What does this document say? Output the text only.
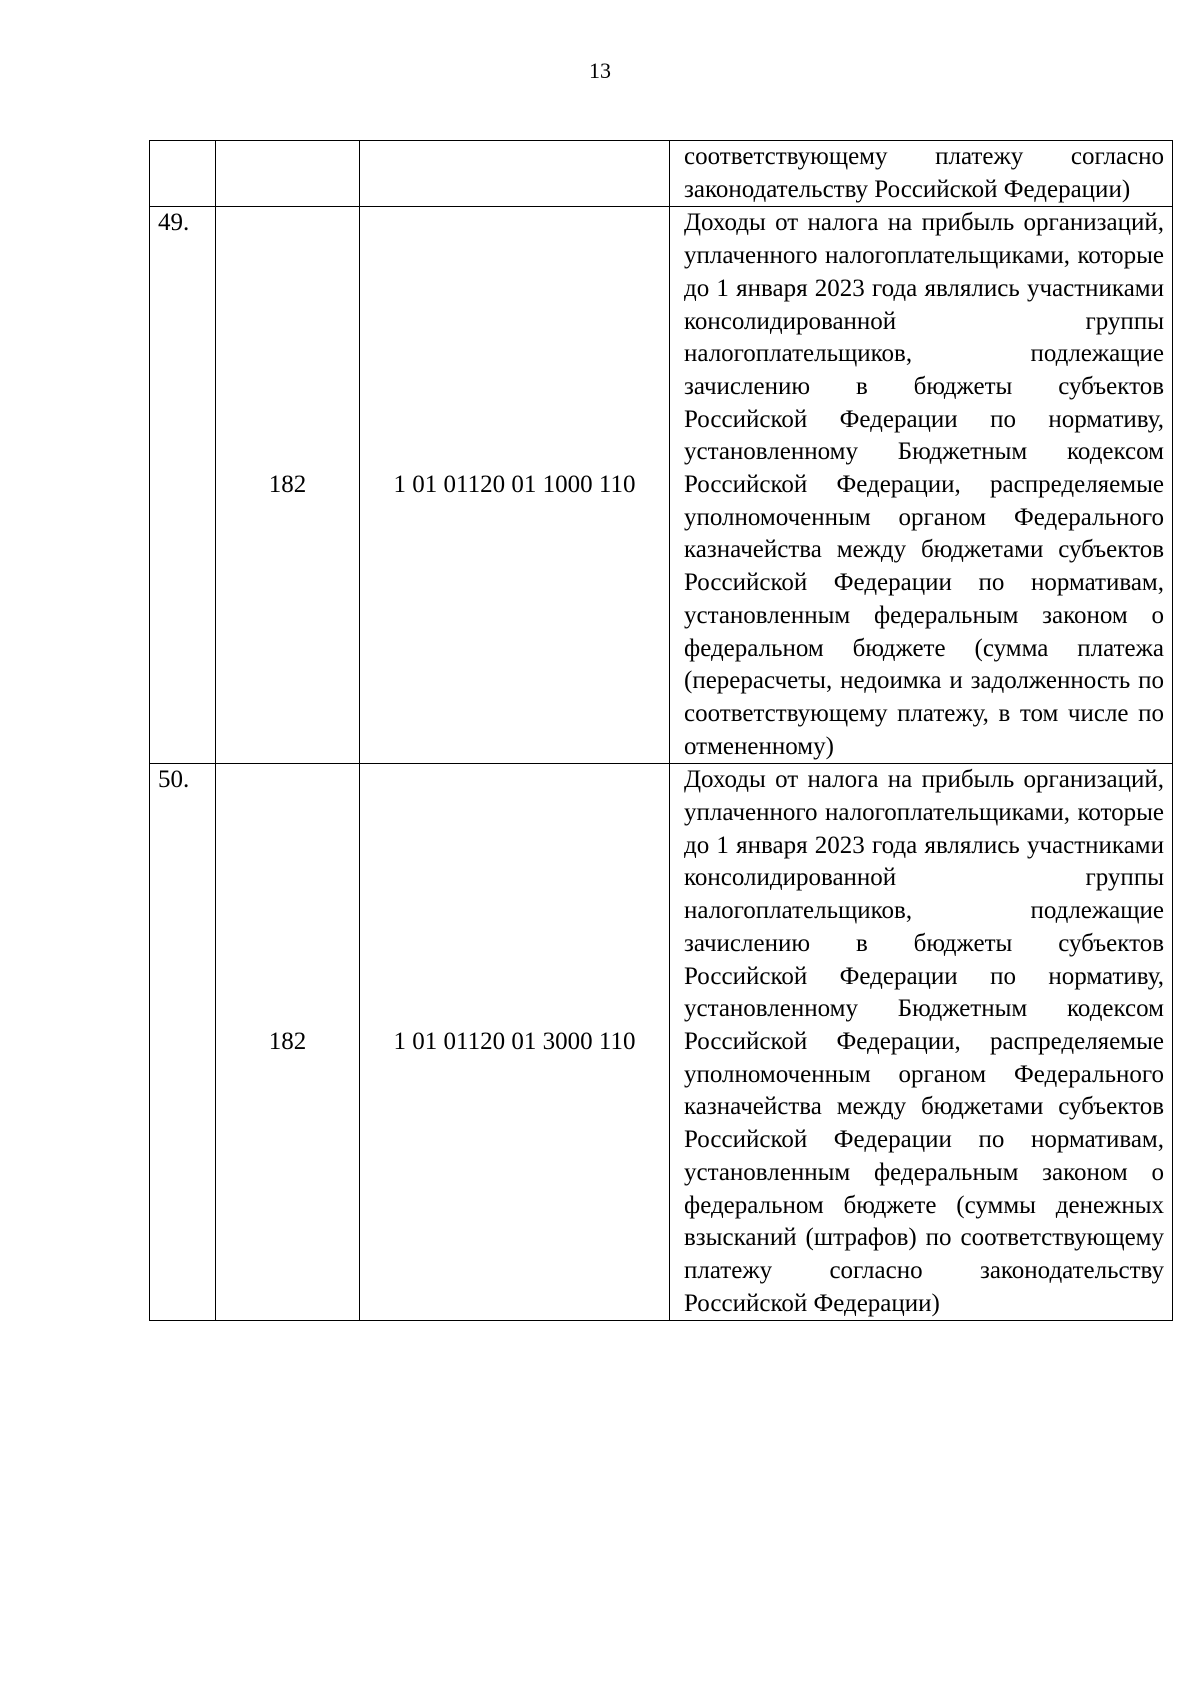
13
			соответствующему платежу согласно законодательству Российской Федерации)
49.	182	1 01 01120 01 1000 110	Доходы от налога на прибыль организаций, уплаченного налогоплательщиками, которые до 1 января 2023 года являлись участниками консолидированной группы налогоплательщиков, подлежащие зачислению в бюджеты субъектов Российской Федерации по нормативу, установленному Бюджетным кодексом Российской Федерации, распределяемые уполномоченным органом Федерального казначейства между бюджетами субъектов Российской Федерации по нормативам, установленным федеральным законом о федеральном бюджете (сумма платежа (перерасчеты, недоимка и задолженность по соответствующему платежу, в том числе по отмененному)
50.	182	1 01 01120 01 3000 110	Доходы от налога на прибыль организаций, уплаченного налогоплательщиками, которые до 1 января 2023 года являлись участниками консолидированной группы налогоплательщиков, подлежащие зачислению в бюджеты субъектов Российской Федерации по нормативу, установленному Бюджетным кодексом Российской Федерации, распределяемые уполномоченным органом Федерального казначейства между бюджетами субъектов Российской Федерации по нормативам, установленным федеральным законом о федеральном бюджете (суммы денежных взысканий (штрафов) по соответствующему платежу согласно законодательству Российской Федерации)
